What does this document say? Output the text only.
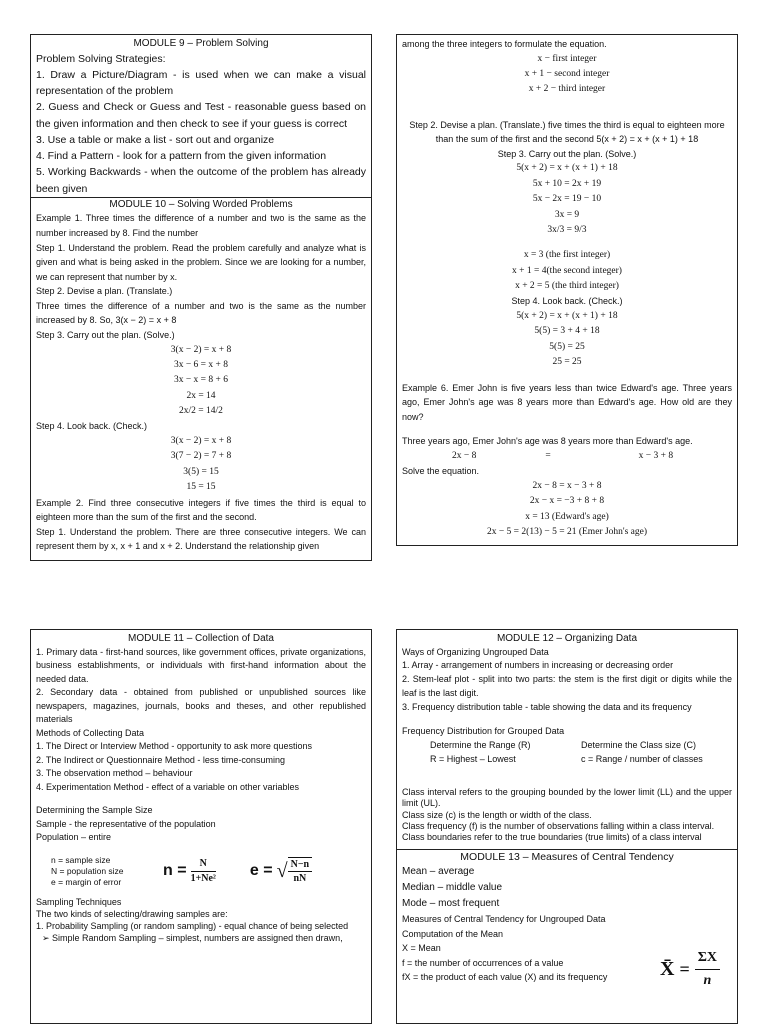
MODULE 9 – Problem Solving

Problem Solving Strategies:

1. Draw a Picture/Diagram - is used when we can make a visual representation of the problem

2. Guess and Check or Guess and Test - reasonable guess based on the given information and then check to see if your guess is correct

3. Use a table or make a list - sort out and organize

4. Find a Pattern - look for a pattern from the given information

5. Working Backwards - when the outcome of the problem has already been given

MODULE 10 – Solving Worded Problems

Example 1. Three times the difference of a number and two is the same as the number increased by 8. Find the number

Step 1. Understand the problem. Read the problem carefully and analyze what is given and what is being asked in the problem. Since we are looking for a number, we can represent that number by x.

Step 2. Devise a plan. (Translate.)

Three times the difference of a number and two is the same as the number increased by 8. So, 3(x − 2) = x + 8

Step 3. Carry out the plan. (Solve.)

3(x − 2) = x + 8

3x − 6 = x + 8

3x − x = 8 + 6

2x = 14

2x/2 = 14/2

Step 4. Look back. (Check.)

3(x − 2) = x + 8

3(7 − 2) = 7 + 8

3(5) = 15

15 = 15

Example 2. Find three consecutive integers if five times the third is equal to eighteen more than the sum of the first and the second.

Step 1. Understand the problem. There are three consecutive integers. We can represent them by x, x + 1 and x + 2. Understand the relationship given

among the three integers to formulate the equation.

x − first integer

x + 1 − second integer

x + 2 − third integer

Step 2. Devise a plan. (Translate.) five times the third is equal to eighteen more than the sum of the first and the second 5(x + 2) = x + (x + 1) + 18

Step 3. Carry out the plan. (Solve.)

5(x + 2) = x + (x + 1) + 18

5x + 10 = 2x + 19

5x − 2x = 19 − 10

3x = 9

3x/3 = 9/3

x = 3 (the first integer)

x + 1 = 4(the second integer)

x + 2 = 5 (the third integer)

Step 4. Look back. (Check.)

5(x + 2) = x + (x + 1) + 18

5(5) = 3 + 4 + 18

5(5) = 25

25 = 25

Example 6. Emer John is five years less than twice Edward's age. Three years ago, Emer John's age was 8 years more than Edward's age. How old are they now?

Three years ago, Emer John's age was 8 years more than Edward's age.

2x − 8	=	x − 3 + 8

Solve the equation.

2x − 8 = x − 3 + 8

2x − x = −3 + 8 + 8

x = 13 (Edward's age)

2x − 5 = 2(13) − 5 = 21 (Emer John's age)

MODULE 11 – Collection of Data

1. Primary data - first-hand sources, like government offices, private organizations, business establishments, or individuals with first-hand information about the needed data.

2. Secondary data - obtained from published or unpublished sources like newspapers, magazines, journals, books and theses, and other republished materials

Methods of Collecting Data

1. The Direct or Interview Method - opportunity to ask more questions

2. The Indirect or Questionnaire Method - less time-consuming

3. The observation method – behaviour

4. Experimentation Method - effect of a variable on other variables

Determining the Sample Size

Sample - the representative of the population

Population – entire

n = sample size

N = population size

e = margin of error

$n = \frac{N}{\text{1+Ne²}}$ e = √ $\frac{N-n}{nN}$

Sampling Techniques

The two kinds of selecting/drawing samples are:

1. Probability Sampling (or random sampling) - equal chance of being selected

➢ Simple Random Sampling – simplest, numbers are assigned then drawn,

MODULE 12 – Organizing Data

Ways of Organizing Ungrouped Data

1. Array - arrangement of numbers in increasing or decreasing order

2. Stem-leaf plot - split into two parts: the stem is the first digit or digits while the leaf is the last digit.

3. Frequency distribution table - table showing the data and its frequency

Frequency Distribution for Grouped Data

Determine the Range (R)	Determine the Class size (C)
R = Highest – Lowest	c = Range / number of classes

Class interval refers to the grouping bounded by the lower limit (LL) and the upper limit (UL).

Class size (c) is the length or width of the class.

Class frequency (f) is the number of observations falling within a class interval.

Class boundaries refer to the true boundaries (true limits) of a class interval

MODULE 13 – Measures of Central Tendency

Mean – average

Median – middle value

Mode – most frequent

Measures of Central Tendency for Ungrouped Data

Computation of the Mean

X = Mean

f = the number of occurrences of a value

fX = the product of each value (X) and its frequency	X̄ = $\frac{\Sigma X}{n}$
